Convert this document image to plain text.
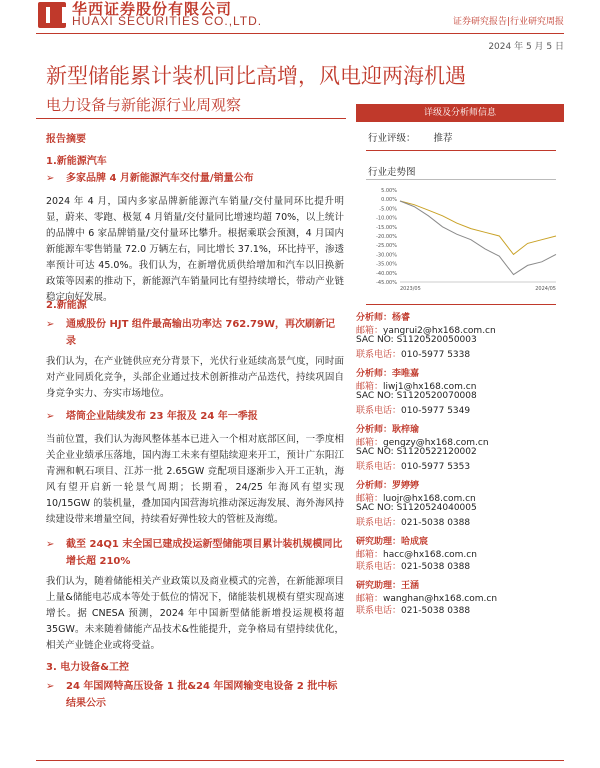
华西证券股份有限公司
HUAXI SECURITIES CO.,LTD.	证券研究报告|行业研究周报
2024 年 5 月 5 日
新型储能累计装机同比高增，风电迎两海机遇
电力设备与新能源行业周观察	详级及分析师信息
报告摘要
1.新能源汽车
➢	多家品牌 4 月新能源汽车交付量/销量公布
2024 年 4 月，国内多家品牌新能源汽车销量/交付量同环比提升明显，蔚来、零跑、极氪 4 月销量/交付量同比增速均超 70%，以上统计的品牌中 6 家品牌销量/交付量环比攀升。根据乘联会预测，4 月国内新能源车零售销量 72.0 万辆左右，同比增长 37.1%，环比持平，渗透率预计可达 45.0%。我们认为，在新增优质供给增加和汽车以旧换新政策等因素的推动下，新能源汽车销量同比有望持续增长，带动产业链稳定向好发展。
2.新能源
➢	通威股份 HJT 组件最高输出功率达 762.79W，再次刷新记录
我们认为，在产业链供应充分背景下，光伏行业延续高景气度，同时面对产业同质化竞争，头部企业通过技术创新推动产品迭代，持续巩固自身竞争实力、夯实市场地位。
➢	塔筒企业陆续发布 23 年报及 24 年一季报
当前位置，我们认为海风整体基本已进入一个相对底部区间，一季度相关企业业绩承压落地，国内海工未来有望陆续迎来开工，预计广东阳江青洲和帆石项目、江苏一批 2.65GW 竞配项目逐渐步入开工正轨，海风有望开启新一轮景气周期；长期看，24/25 年海风有望实现 10/15GW 的装机量，叠加国内国营海坑推动深远海发展、海外海风持续建设带来增量空间，持续看好弹性较大的管桩及海缆。
➢	截至 24Q1 末全国已建成投运新型储能项目累计装机规模同比增长超 210%
我们认为，随着储能相关产业政策以及商业模式的完善，在新能源项目上量&储能电芯成本等处于低位的情况下，储能装机规模有望实现高速增长。据 CNESA 预测，2024 年中国新型储能新增投运规模将超 35GW。未来随着储能产品技术&性能提升，竞争格局有望持续优化，相关产业链企业或将受益。
3. 电力设备&工控
➢	24 年国网特高压设备 1 批&24 年国网输变电设备 2 批中标结果公示
行业评级： 推荐
行业走势图
5.00%
0.00%
-5.00%
-10.00%
-15.00%
-20.00%
-25.00%
-30.00%
-35.00%
-40.00%
-45.00%
2023/05	2024/05
分析师：杨睿
邮箱：yangrui2@hx168.com.cn
SAC NO: S1120520050003
联系电话：010-5977 5338
分析师：李唯嘉
邮箱：liwj1@hx168.com.cn
SAC NO: S1120520070008
联系电话：010-5977 5349
分析师：耿梓瑜
邮箱：gengzy@hx168.com.cn
SAC NO: S1120522120002
联系电话：010-5977 5353
分析师：罗婷婷
邮箱：luojr@hx168.com.cn
SAC NO: S1120524040005
联系电话：021-5038 0388
研究助理：哈成宸
邮箱：hacc@hx168.com.cn
联系电话：021-5038 0388
研究助理：王涵
邮箱：wanghan@hx168.com.cn
联系电话：021-5038 0388
